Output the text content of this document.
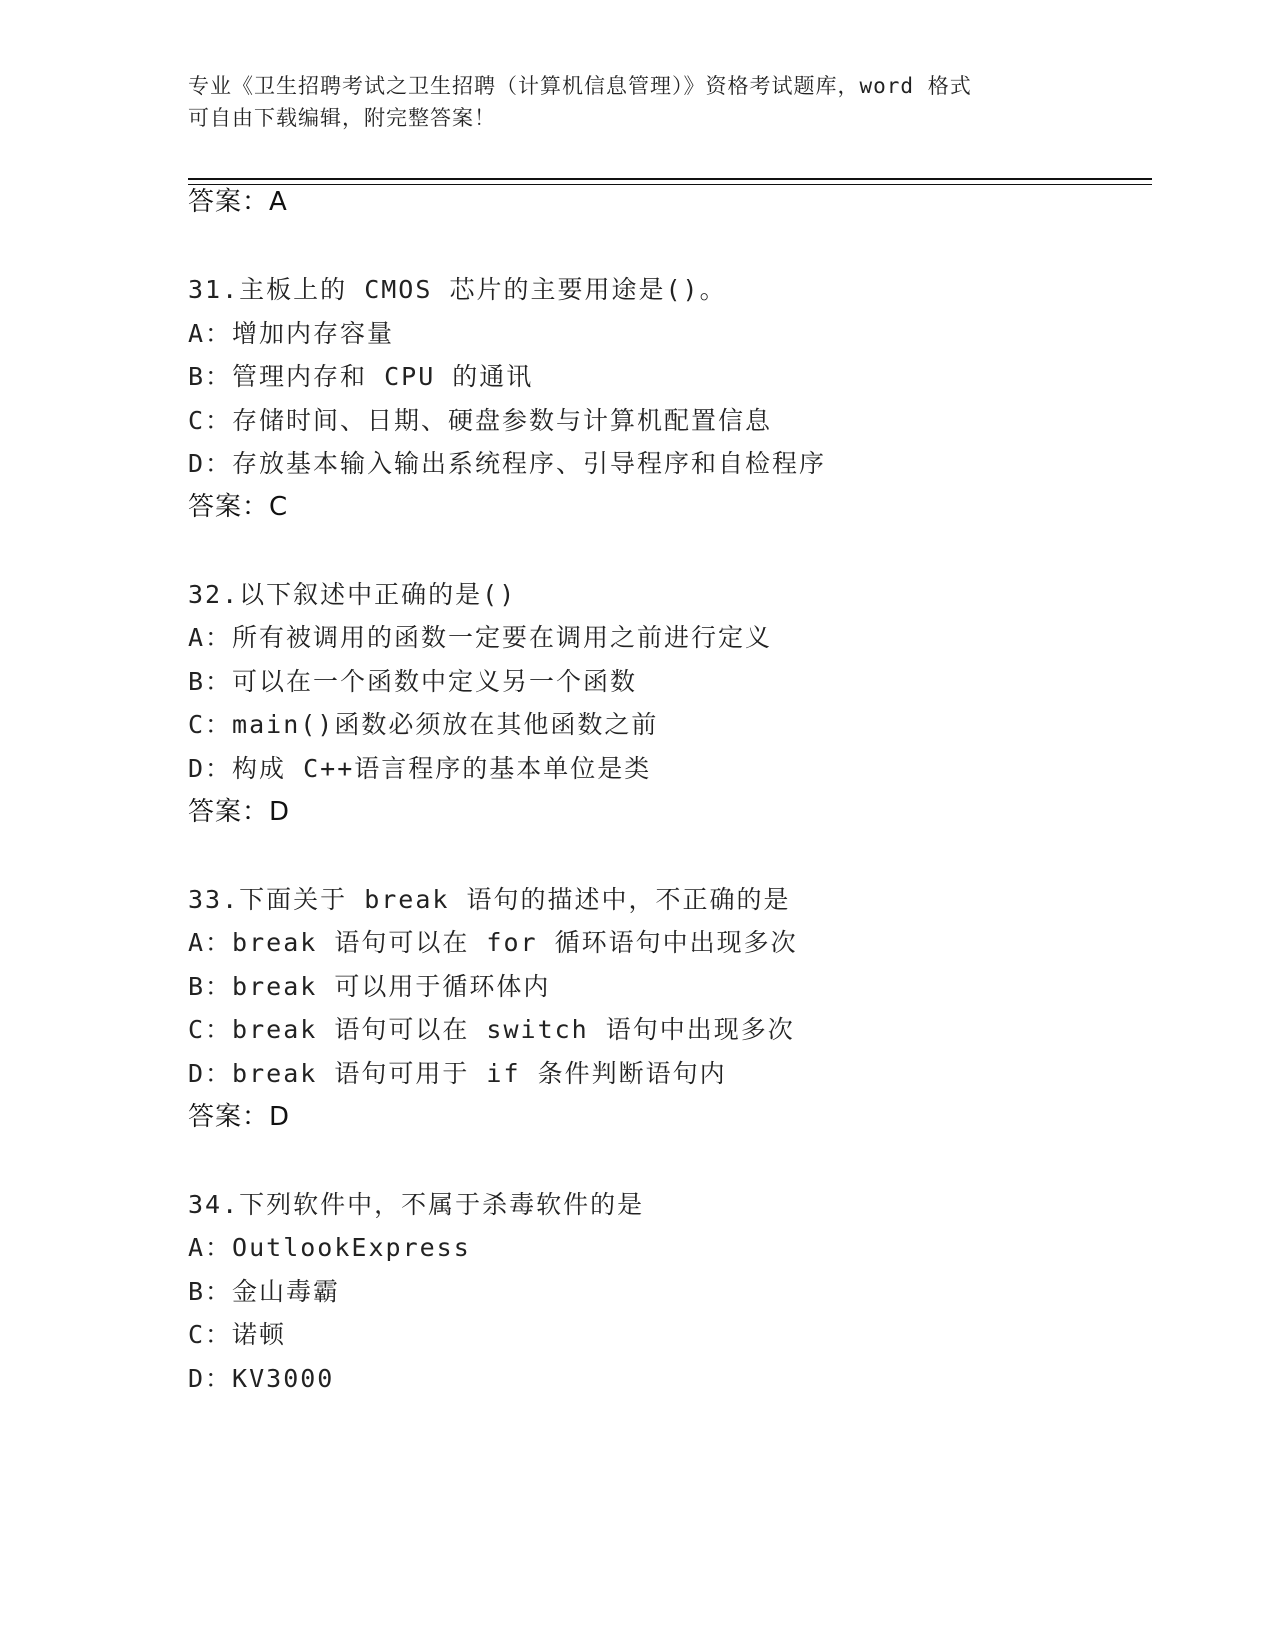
专业《卫生招聘考试之卫生招聘（计算机信息管理）》资格考试题库，word 格式

可自由下载编辑，附完整答案！

答案：A
31.主板上的 CMOS 芯片的主要用途是()。
A：增加内存容量
B：管理内存和 CPU 的通讯
C：存储时间、日期、硬盘参数与计算机配置信息
D：存放基本输入输出系统程序、引导程序和自检程序
答案：C
32.以下叙述中正确的是()
A：所有被调用的函数一定要在调用之前进行定义
B：可以在一个函数中定义另一个函数
C：main()函数必须放在其他函数之前
D：构成 C++语言程序的基本单位是类
答案：D
33.下面关于 break 语句的描述中，不正确的是
A：break 语句可以在 for 循环语句中出现多次
B：break 可以用于循环体内
C：break 语句可以在 switch 语句中出现多次
D：break 语句可用于 if 条件判断语句内
答案：D
34.下列软件中，不属于杀毒软件的是
A：OutlookExpress
B：金山毒霸
C：诺顿
D：KV3000
